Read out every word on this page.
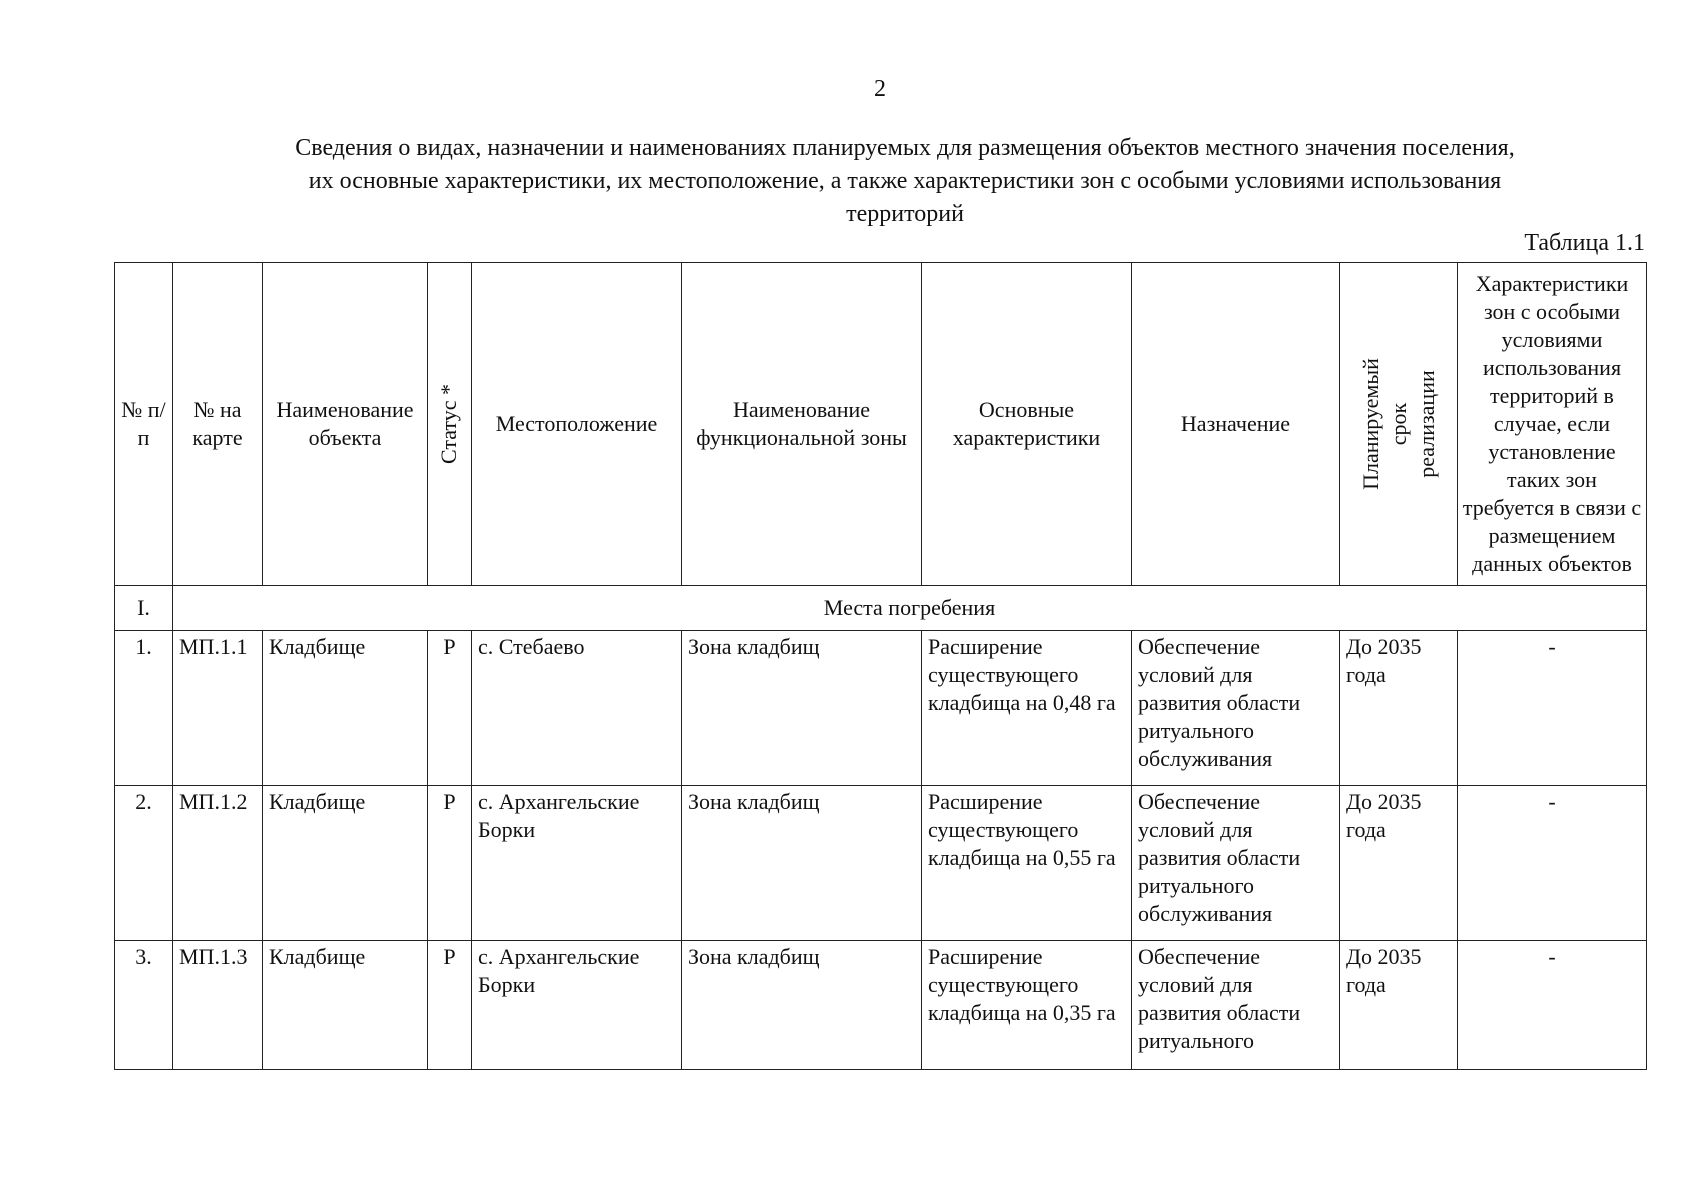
2
Сведения о видах, назначении и наименованиях планируемых для размещения объектов местного значения поселения,
их основные характеристики, их местоположение, а также характеристики зон с особыми условиями использования
территорий
Таблица 1.1
№ п/п	№ на карте	Наименование объекта	Статус *	Местоположение	Наименование функциональной зоны	Основные характеристики	Назначение	Планируемый срок реализации	Характеристики зон с особыми условиями использования территорий в случае, если установление таких зон требуется в связи с размещением данных объектов
I.	Места погребения								
1.	МП.1.1	Кладбище	Р	с. Стебаево	Зона кладбищ	Расширение существующего кладбища на 0,48 га	Обеспечение условий для развития области ритуального обслуживания	До 2035 года	-
2.	МП.1.2	Кладбище	Р	с. Архангельские Борки	Зона кладбищ	Расширение существующего кладбища на 0,55 га	Обеспечение условий для развития области ритуального обслуживания	До 2035 года	-
3.	МП.1.3	Кладбище	Р	с. Архангельские Борки	Зона кладбищ	Расширение существующего кладбища на 0,35 га	Обеспечение условий для развития области ритуального	До 2035 года	-
